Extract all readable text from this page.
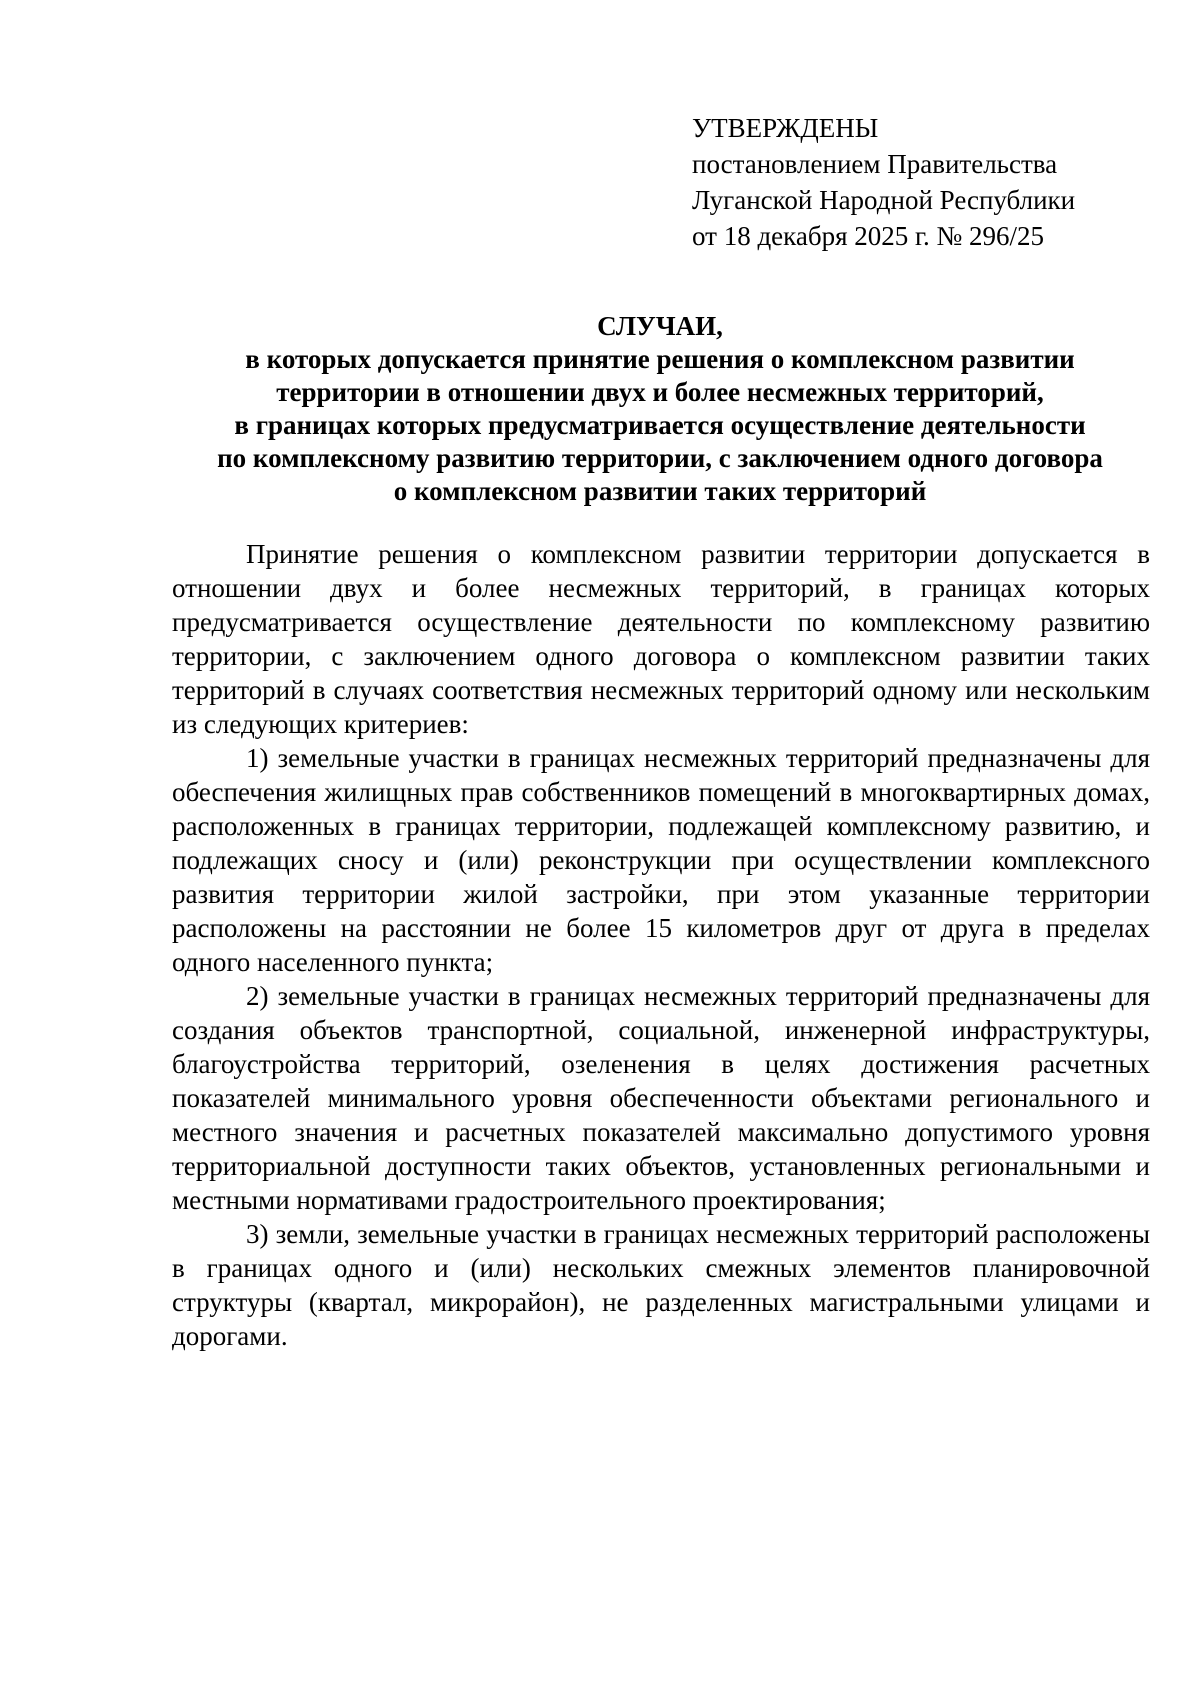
УТВЕРЖДЕНЫ
постановлением Правительства
Луганской Народной Республики
от 18 декабря 2025 г. № 296/25
СЛУЧАИ,
в которых допускается принятие решения о комплексном развитии
территории в отношении двух и более несмежных территорий,
в границах которых предусматривается осуществление деятельности
по комплексному развитию территории, с заключением одного договора
о комплексном развитии таких территорий

Принятие решения о комплексном развитии территории допускается в отношении двух и более несмежных территорий, в границах которых предусматривается осуществление деятельности по комплексному развитию территории, с заключением одного договора о комплексном развитии таких территорий в случаях соответствия несмежных территорий одному или нескольким из следующих критериев:

1) земельные участки в границах несмежных территорий предназначены для обеспечения жилищных прав собственников помещений в многоквартирных домах, расположенных в границах территории, подлежащей комплексному развитию, и подлежащих сносу и (или) реконструкции при осуществлении комплексного развития территории жилой застройки, при этом указанные территории расположены на расстоянии не более 15 километров друг от друга в пределах одного населенного пункта;

2) земельные участки в границах несмежных территорий предназначены для создания объектов транспортной, социальной, инженерной инфраструктуры, благоустройства территорий, озеленения в целях достижения расчетных показателей минимального уровня обеспеченности объектами регионального и местного значения и расчетных показателей максимально допустимого уровня территориальной доступности таких объектов, установленных региональными и местными нормативами градостроительного проектирования;

3) земли, земельные участки в границах несмежных территорий расположены в границах одного и (или) нескольких смежных элементов планировочной структуры (квартал, микрорайон), не разделенных магистральными улицами и дорогами.
